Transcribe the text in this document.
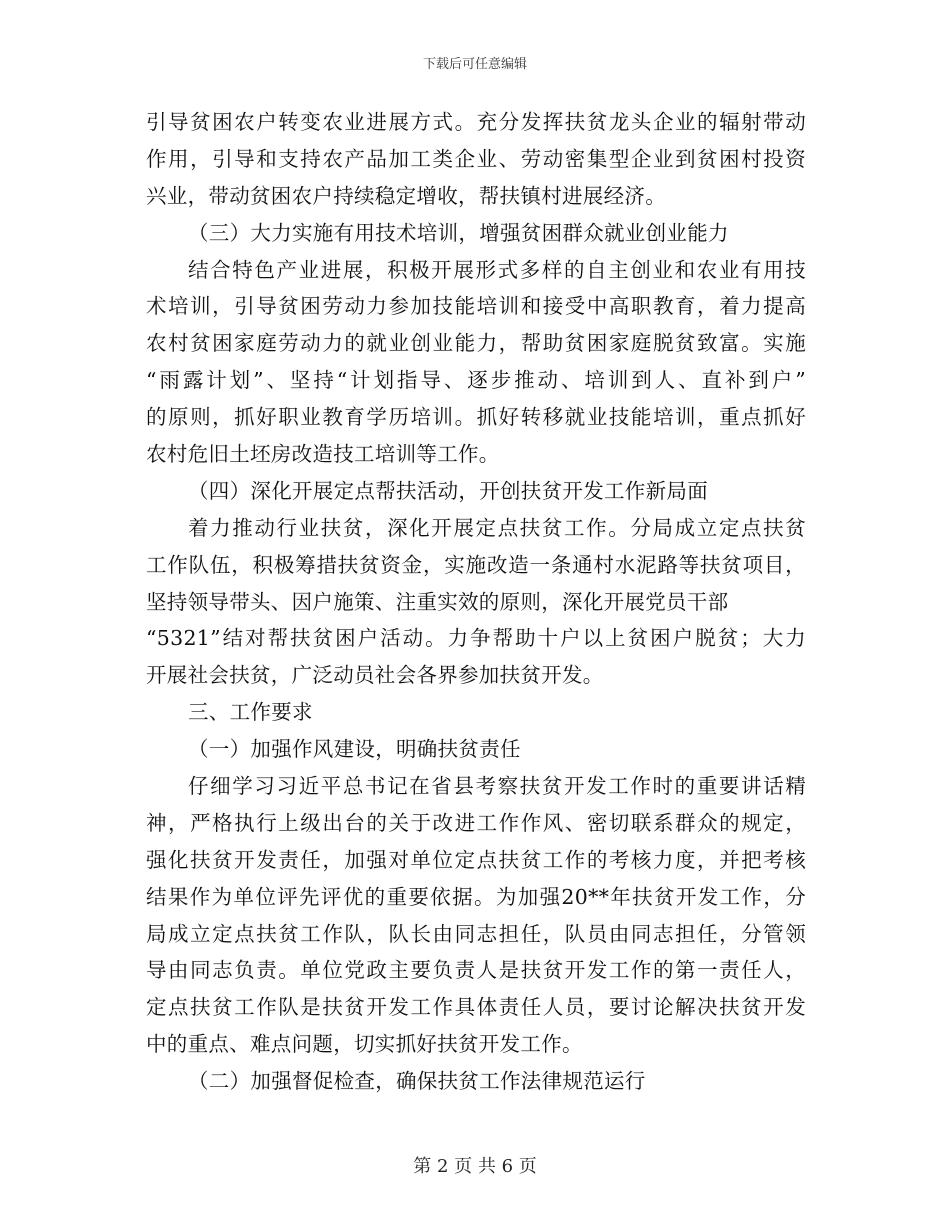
下载后可任意编辑
引导贫困农户转变农业进展方式。充分发挥扶贫龙头企业的辐射带动
作用，引导和支持农产品加工类企业、劳动密集型企业到贫困村投资
兴业，带动贫困农户持续稳定增收，帮扶镇村进展经济。
（三）大力实施有用技术培训，增强贫困群众就业创业能力
结合特色产业进展，积极开展形式多样的自主创业和农业有用技
术培训，引导贫困劳动力参加技能培训和接受中高职教育，着力提高
农村贫困家庭劳动力的就业创业能力，帮助贫困家庭脱贫致富。实施
“雨露计划”、坚持“计划指导、逐步推动、培训到人、直补到户”
的原则，抓好职业教育学历培训。抓好转移就业技能培训，重点抓好
农村危旧土坯房改造技工培训等工作。
（四）深化开展定点帮扶活动，开创扶贫开发工作新局面
着力推动行业扶贫，深化开展定点扶贫工作。分局成立定点扶贫
工作队伍，积极筹措扶贫资金，实施改造一条通村水泥路等扶贫项目，
坚持领导带头、因户施策、注重实效的原则，深化开展党员干部
“5321”结对帮扶贫困户活动。力争帮助十户以上贫困户脱贫；大力
开展社会扶贫，广泛动员社会各界参加扶贫开发。
三、工作要求
（一）加强作风建设，明确扶贫责任
仔细学习习近平总书记在省县考察扶贫开发工作时的重要讲话精
神，严格执行上级出台的关于改进工作作风、密切联系群众的规定，
强化扶贫开发责任，加强对单位定点扶贫工作的考核力度，并把考核
结果作为单位评先评优的重要依据。为加强20**年扶贫开发工作，分
局成立定点扶贫工作队，队长由同志担任，队员由同志担任，分管领
导由同志负责。单位党政主要负责人是扶贫开发工作的第一责任人，
定点扶贫工作队是扶贫开发工作具体责任人员，要讨论解决扶贫开发
中的重点、难点问题，切实抓好扶贫开发工作。
（二）加强督促检查，确保扶贫工作法律规范运行
第 2 页 共 6 页
